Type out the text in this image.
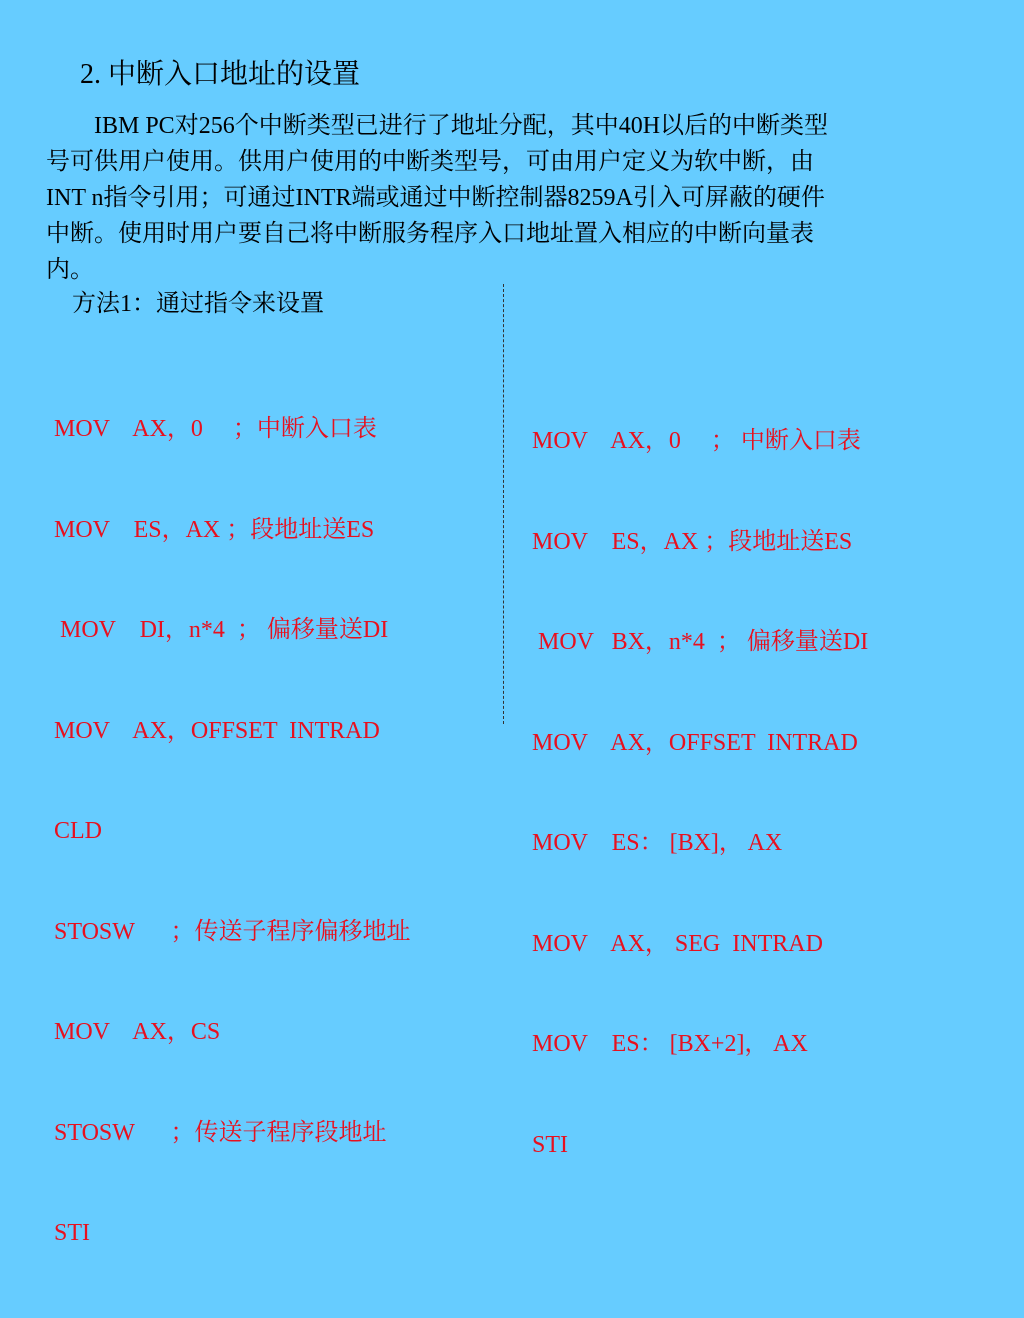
2. 中断入口地址的设置
　　IBM PC对256个中断类型已进行了地址分配，其中40H以后的中断类型
号可供用户使用。供用户使用的中断类型号，可由用户定义为软中断，由
INT n指令引用；可通过INTR端或通过中断控制器8259A引入可屏蔽的硬件
中断。使用时用户要自己将中断服务程序入口地址置入相应的中断向量表
内。
方法1：通过指令来设置

MOV    AX，0     ；中断入口表

MOV    ES，AX ；段地址送ES

MOV    DI，n*4  ； 偏移量送DI

MOV    AX，OFFSET  INTRAD

CLD

STOSW      ；传送子程序偏移地址

MOV    AX，CS

STOSW      ；传送子程序段地址

STI

MOV    AX，0     ； 中断入口表

MOV    ES，AX ；段地址送ES

MOV   BX，n*4  ； 偏移量送DI

MOV    AX，OFFSET  INTRAD

MOV    ES： [BX]， AX

MOV    AX， SEG  INTRAD

MOV    ES： [BX+2]， AX

STI
